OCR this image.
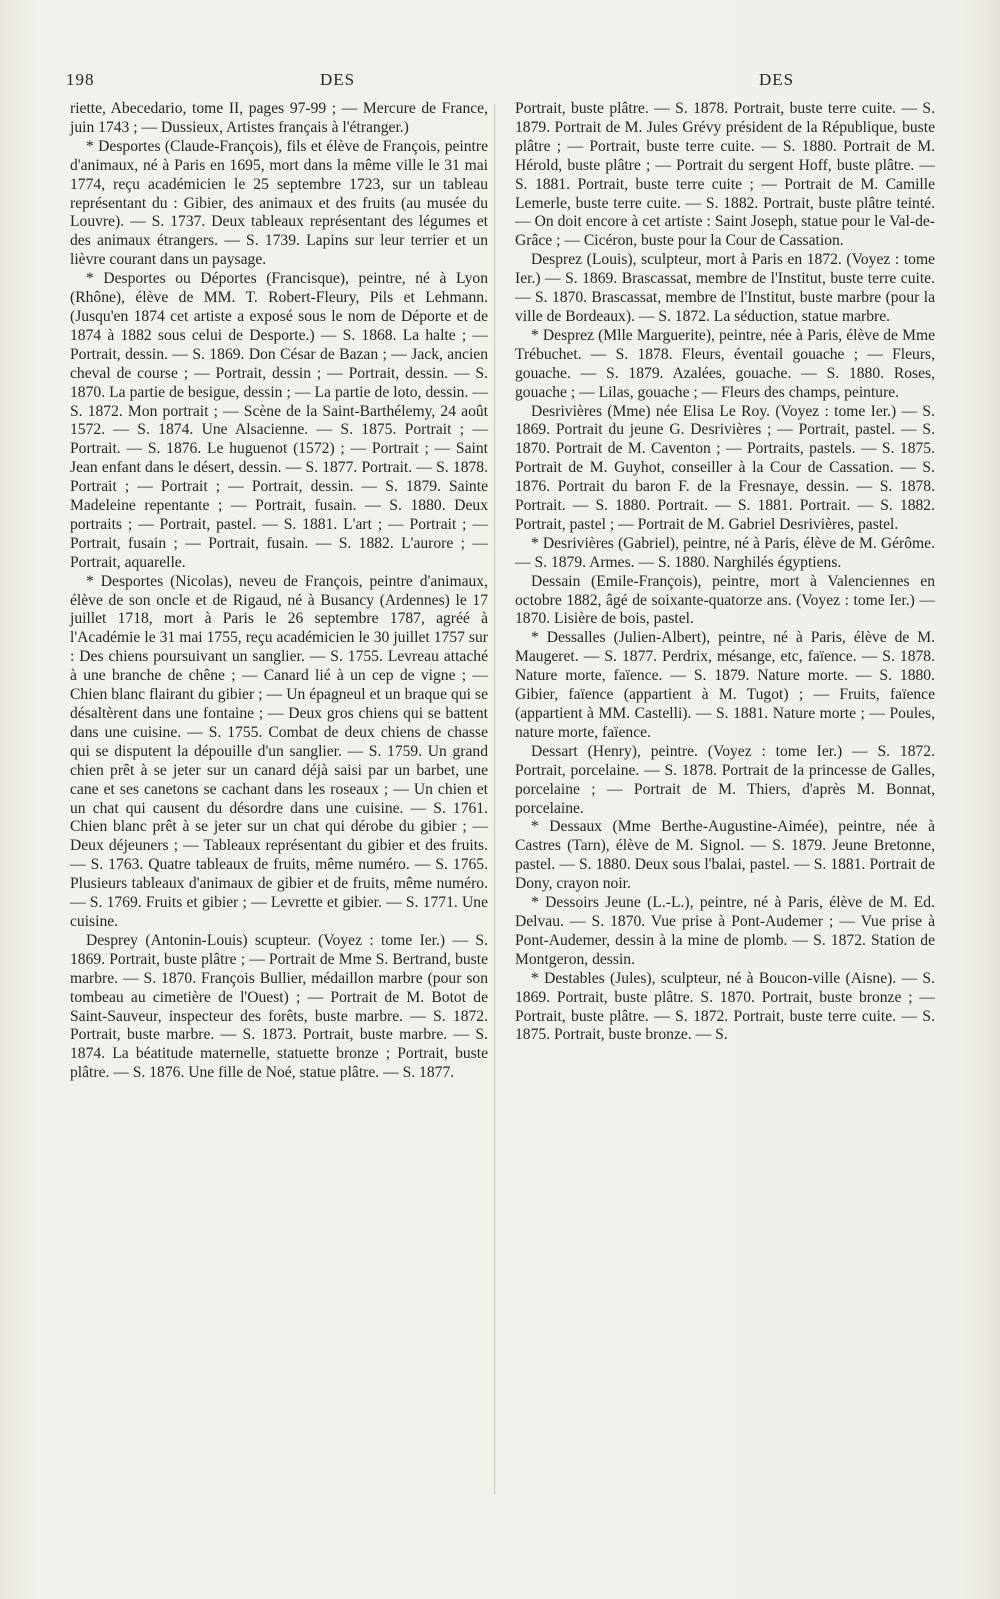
198	DES	DES

riette, Abecedario, tome II, pages 97-99 ; — Mercure de France, juin 1743 ; — Dussieux, Artistes français à l'étranger.)

* Desportes (Claude-François), fils et élève de François, peintre d'animaux, né à Paris en 1695, mort dans la même ville le 31 mai 1774, reçu académicien le 25 septembre 1723, sur un tableau représentant du : Gibier, des animaux et des fruits (au musée du Louvre). — S. 1737. Deux tableaux représentant des légumes et des animaux étrangers. — S. 1739. Lapins sur leur terrier et un lièvre courant dans un paysage.

* Desportes ou Déportes (Francisque), peintre, né à Lyon (Rhône), élève de MM. T. Robert-Fleury, Pils et Lehmann. (Jusqu'en 1874 cet artiste a exposé sous le nom de Déporte et de 1874 à 1882 sous celui de Desporte.) — S. 1868. La halte ; — Portrait, dessin. — S. 1869. Don César de Bazan ; — Jack, ancien cheval de course ; — Portrait, dessin ; — Portrait, dessin. — S. 1870. La partie de besigue, dessin ; — La partie de loto, dessin. — S. 1872. Mon portrait ; — Scène de la Saint-Barthélemy, 24 août 1572. — S. 1874. Une Alsacienne. — S. 1875. Portrait ; — Portrait. — S. 1876. Le huguenot (1572) ; — Portrait ; — Saint Jean enfant dans le désert, dessin. — S. 1877. Portrait. — S. 1878. Portrait ; — Portrait ; — Portrait, dessin. — S. 1879. Sainte Madeleine repentante ; — Portrait, fusain. — S. 1880. Deux portraits ; — Portrait, pastel. — S. 1881. L'art ; — Portrait ; — Portrait, fusain ; — Portrait, fusain. — S. 1882. L'aurore ; — Portrait, aquarelle.

* Desportes (Nicolas), neveu de François, peintre d'animaux, élève de son oncle et de Rigaud, né à Busancy (Ardennes) le 17 juillet 1718, mort à Paris le 26 septembre 1787, agréé à l'Académie le 31 mai 1755, reçu académicien le 30 juillet 1757 sur : Des chiens poursuivant un sanglier. — S. 1755. Levreau attaché à une branche de chêne ; — Canard lié à un cep de vigne ; — Chien blanc flairant du gibier ; — Un épagneul et un braque qui se désaltèrent dans une fontaine ; — Deux gros chiens qui se battent dans une cuisine. — S. 1755. Combat de deux chiens de chasse qui se disputent la dépouille d'un sanglier. — S. 1759. Un grand chien prêt à se jeter sur un canard déjà saisi par un barbet, une cane et ses canetons se cachant dans les roseaux ; — Un chien et un chat qui causent du désordre dans une cuisine. — S. 1761. Chien blanc prêt à se jeter sur un chat qui dérobe du gibier ; — Deux déjeuners ; — Tableaux représentant du gibier et des fruits. — S. 1763. Quatre tableaux de fruits, même numéro. — S. 1765. Plusieurs tableaux d'animaux de gibier et de fruits, même numéro. — S. 1769. Fruits et gibier ; — Levrette et gibier. — S. 1771. Une cuisine.

Desprey (Antonin-Louis) scupteur. (Voyez : tome Ier.) — S. 1869. Portrait, buste plâtre ; — Portrait de Mme S. Bertrand, buste marbre. — S. 1870. François Bullier, médaillon marbre (pour son tombeau au cimetière de l'Ouest) ; — Portrait de M. Botot de Saint-Sauveur, inspecteur des forêts, buste marbre. — S. 1872. Portrait, buste marbre. — S. 1873. Portrait, buste marbre. — S. 1874. La béatitude maternelle, statuette bronze ; Portrait, buste plâtre. — S. 1876. Une fille de Noé, statue plâtre. — S. 1877.

Portrait, buste plâtre. — S. 1878. Portrait, buste terre cuite. — S. 1879. Portrait de M. Jules Grévy président de la République, buste plâtre ; — Portrait, buste terre cuite. — S. 1880. Portrait de M. Hérold, buste plâtre ; — Portrait du sergent Hoff, buste plâtre. — S. 1881. Portrait, buste terre cuite ; — Portrait de M. Camille Lemerle, buste terre cuite. — S. 1882. Portrait, buste plâtre teinté. — On doit encore à cet artiste : Saint Joseph, statue pour le Val-de-Grâce ; — Cicéron, buste pour la Cour de Cassation.

Desprez (Louis), sculpteur, mort à Paris en 1872. (Voyez : tome Ier.) — S. 1869. Brascassat, membre de l'Institut, buste terre cuite. — S. 1870. Brascassat, membre de l'Institut, buste marbre (pour la ville de Bordeaux). — S. 1872. La séduction, statue marbre.

* Desprez (Mlle Marguerite), peintre, née à Paris, élève de Mme Trébuchet. — S. 1878. Fleurs, éventail gouache ; — Fleurs, gouache. — S. 1879. Azalées, gouache. — S. 1880. Roses, gouache ; — Lilas, gouache ; — Fleurs des champs, peinture.

Desrivières (Mme) née Elisa Le Roy. (Voyez : tome Ier.) — S. 1869. Portrait du jeune G. Desrivières ; — Portrait, pastel. — S. 1870. Portrait de M. Caventon ; — Portraits, pastels. — S. 1875. Portrait de M. Guyhot, conseiller à la Cour de Cassation. — S. 1876. Portrait du baron F. de la Fresnaye, dessin. — S. 1878. Portrait. — S. 1880. Portrait. — S. 1881. Portrait. — S. 1882. Portrait, pastel ; — Portrait de M. Gabriel Desrivières, pastel.

* Desrivières (Gabriel), peintre, né à Paris, élève de M. Gérôme. — S. 1879. Armes. — S. 1880. Narghilés égyptiens.

Dessain (Emile-François), peintre, mort à Valenciennes en octobre 1882, âgé de soixante-quatorze ans. (Voyez : tome Ier.) — 1870. Lisière de bois, pastel.

* Dessalles (Julien-Albert), peintre, né à Paris, élève de M. Maugeret. — S. 1877. Perdrix, mésange, etc, faïence. — S. 1878. Nature morte, faïence. — S. 1879. Nature morte. — S. 1880. Gibier, faïence (appartient à M. Tugot) ; — Fruits, faïence (appartient à MM. Castelli). — S. 1881. Nature morte ; — Poules, nature morte, faïence.

Dessart (Henry), peintre. (Voyez : tome Ier.) — S. 1872. Portrait, porcelaine. — S. 1878. Portrait de la princesse de Galles, porcelaine ; — Portrait de M. Thiers, d'après M. Bonnat, porcelaine.

* Dessaux (Mme Berthe-Augustine-Aimée), peintre, née à Castres (Tarn), élève de M. Signol. — S. 1879. Jeune Bretonne, pastel. — S. 1880. Deux sous l'balai, pastel. — S. 1881. Portrait de Dony, crayon noir.

* Dessoirs Jeune (L.-L.), peintre, né à Paris, élève de M. Ed. Delvau. — S. 1870. Vue prise à Pont-Audemer ; — Vue prise à Pont-Audemer, dessin à la mine de plomb. — S. 1872. Station de Montgeron, dessin.

* Destables (Jules), sculpteur, né à Boucon-ville (Aisne). — S. 1869. Portrait, buste plâtre. S. 1870. Portrait, buste bronze ; — Portrait, buste plâtre. — S. 1872. Portrait, buste terre cuite. — S. 1875. Portrait, buste bronze. — S.
